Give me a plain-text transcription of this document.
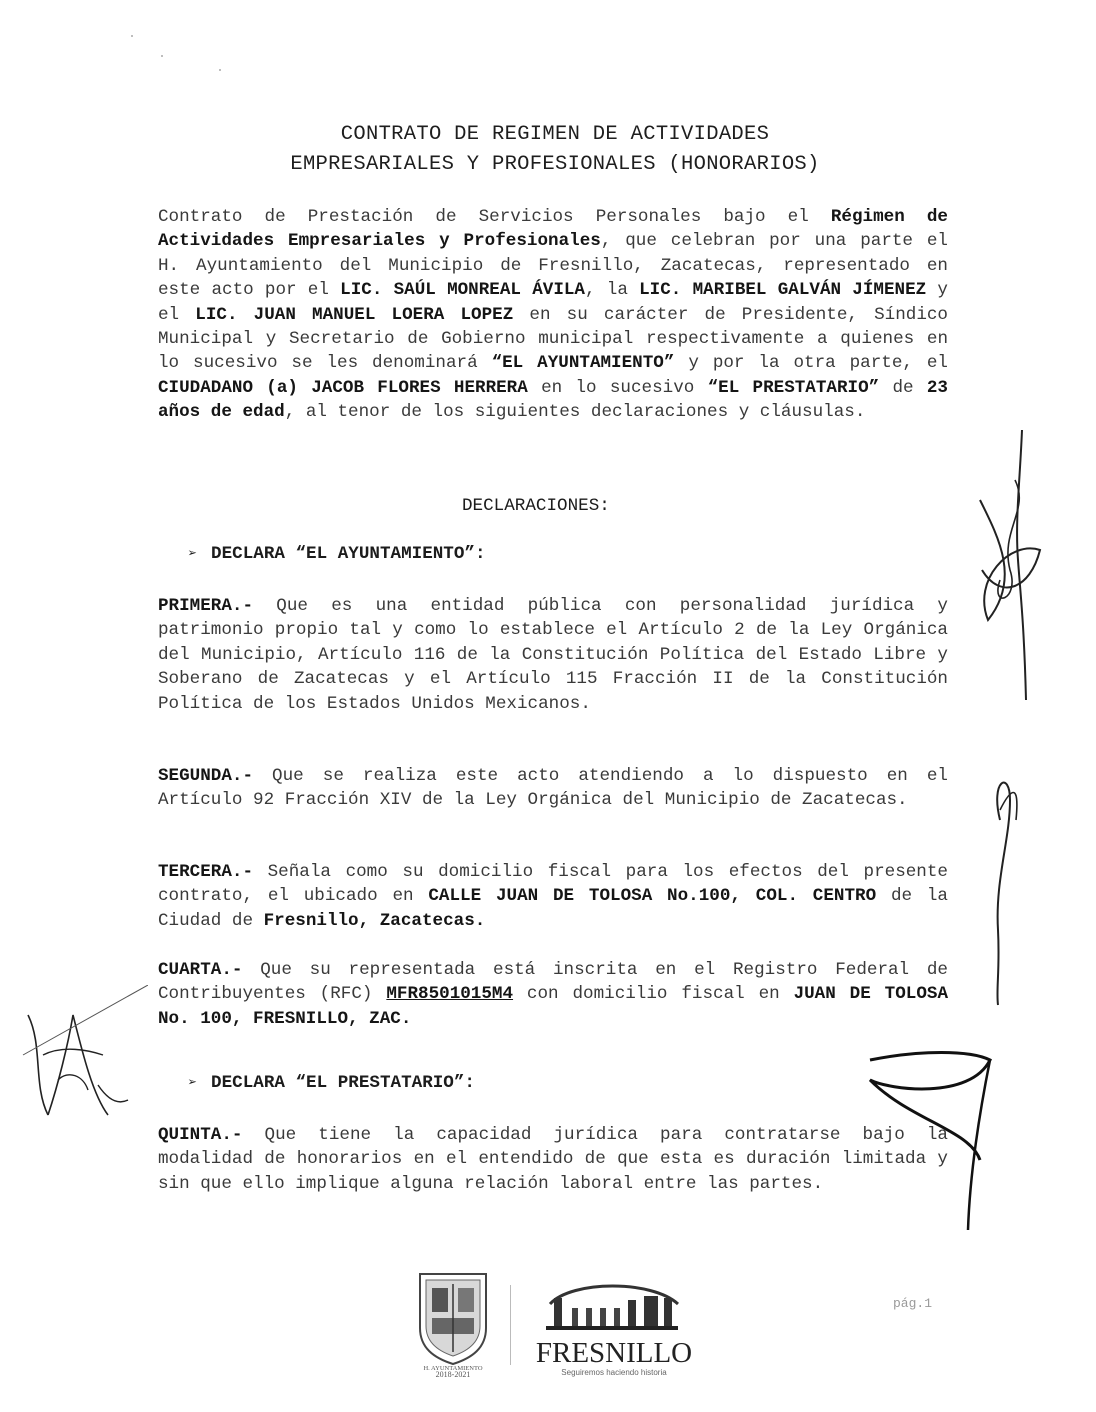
CONTRATO DE REGIMEN DE ACTIVIDADES
EMPRESARIALES Y PROFESIONALES (HONORARIOS)
Contrato de Prestación de Servicios Personales bajo el Régimen de Actividades Empresariales y Profesionales, que celebran por una parte el H. Ayuntamiento del Municipio de Fresnillo, Zacatecas, representado en este acto por el LIC. SAÚL MONREAL ÁVILA, la LIC. MARIBEL GALVÁN JÍMENEZ y el LIC. JUAN MANUEL LOERA LOPEZ en su carácter de Presidente, Síndico Municipal y Secretario de Gobierno municipal respectivamente a quienes en lo sucesivo se les denominará “EL AYUNTAMIENTO” y por la otra parte, el CIUDADANO (a) JACOB FLORES HERRERA en lo sucesivo “EL PRESTATARIO” de 23 años de edad, al tenor de los siguientes declaraciones y cláusulas.
DECLARACIONES:
➢ DECLARA “EL AYUNTAMIENTO”:
PRIMERA.- Que es una entidad pública con personalidad jurídica y patrimonio propio tal y como lo establece el Artículo 2 de la Ley Orgánica del Municipio, Artículo 116 de la Constitución Política del Estado Libre y Soberano de Zacatecas y el Artículo 115 Fracción II de la Constitución Política de los Estados Unidos Mexicanos.
SEGUNDA.- Que se realiza este acto atendiendo a lo dispuesto en el Artículo 92 Fracción XIV de la Ley Orgánica del Municipio de Zacatecas.
TERCERA.- Señala como su domicilio fiscal para los efectos del presente contrato, el ubicado en CALLE JUAN DE TOLOSA No.100, COL. CENTRO de la Ciudad de Fresnillo, Zacatecas.
CUARTA.- Que su representada está inscrita en el Registro Federal de Contribuyentes (RFC) MFR8501015M4 con domicilio fiscal en JUAN DE TOLOSA No. 100, FRESNILLO, ZAC.
➢ DECLARA “EL PRESTATARIO”:
QUINTA.- Que tiene la capacidad jurídica para contratarse bajo la modalidad de honorarios en el entendido de que esta es duración limitada y sin que ello implique alguna relación laboral entre las partes.
H. AYUNTAMIENTO
2018-2021
FRESNILLO
Seguiremos haciendo historia
pág.1
